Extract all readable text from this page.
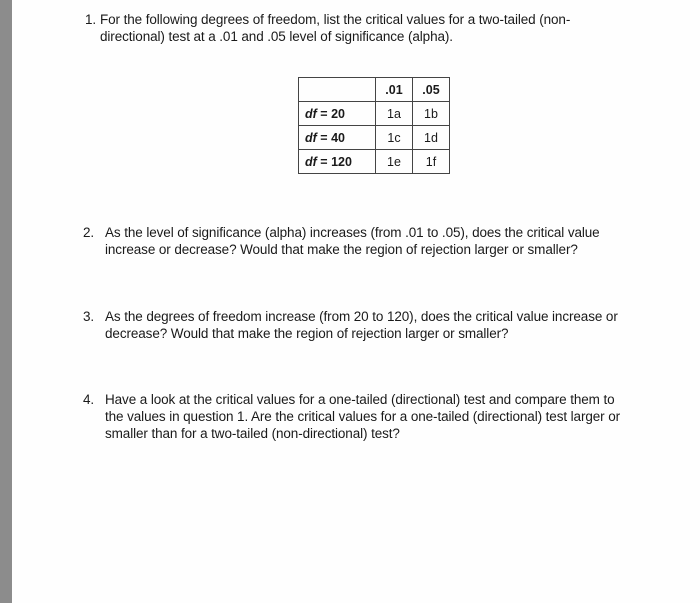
1. For the following degrees of freedom, list the critical values for a two-tailed (non-
directional) test at a .01 and .05 level of significance (alpha).
	.01	.05
df = 20	1a	1b
df = 40	1c	1d
df = 120	1e	1f
2. As the level of significance (alpha) increases (from .01 to .05), does the critical value
increase or decrease? Would that make the region of rejection larger or smaller?
3. As the degrees of freedom increase (from 20 to 120), does the critical value increase or
decrease? Would that make the region of rejection larger or smaller?
4. Have a look at the critical values for a one-tailed (directional) test and compare them to
the values in question 1. Are the critical values for a one-tailed (directional) test larger or
smaller than for a two-tailed (non-directional) test?
